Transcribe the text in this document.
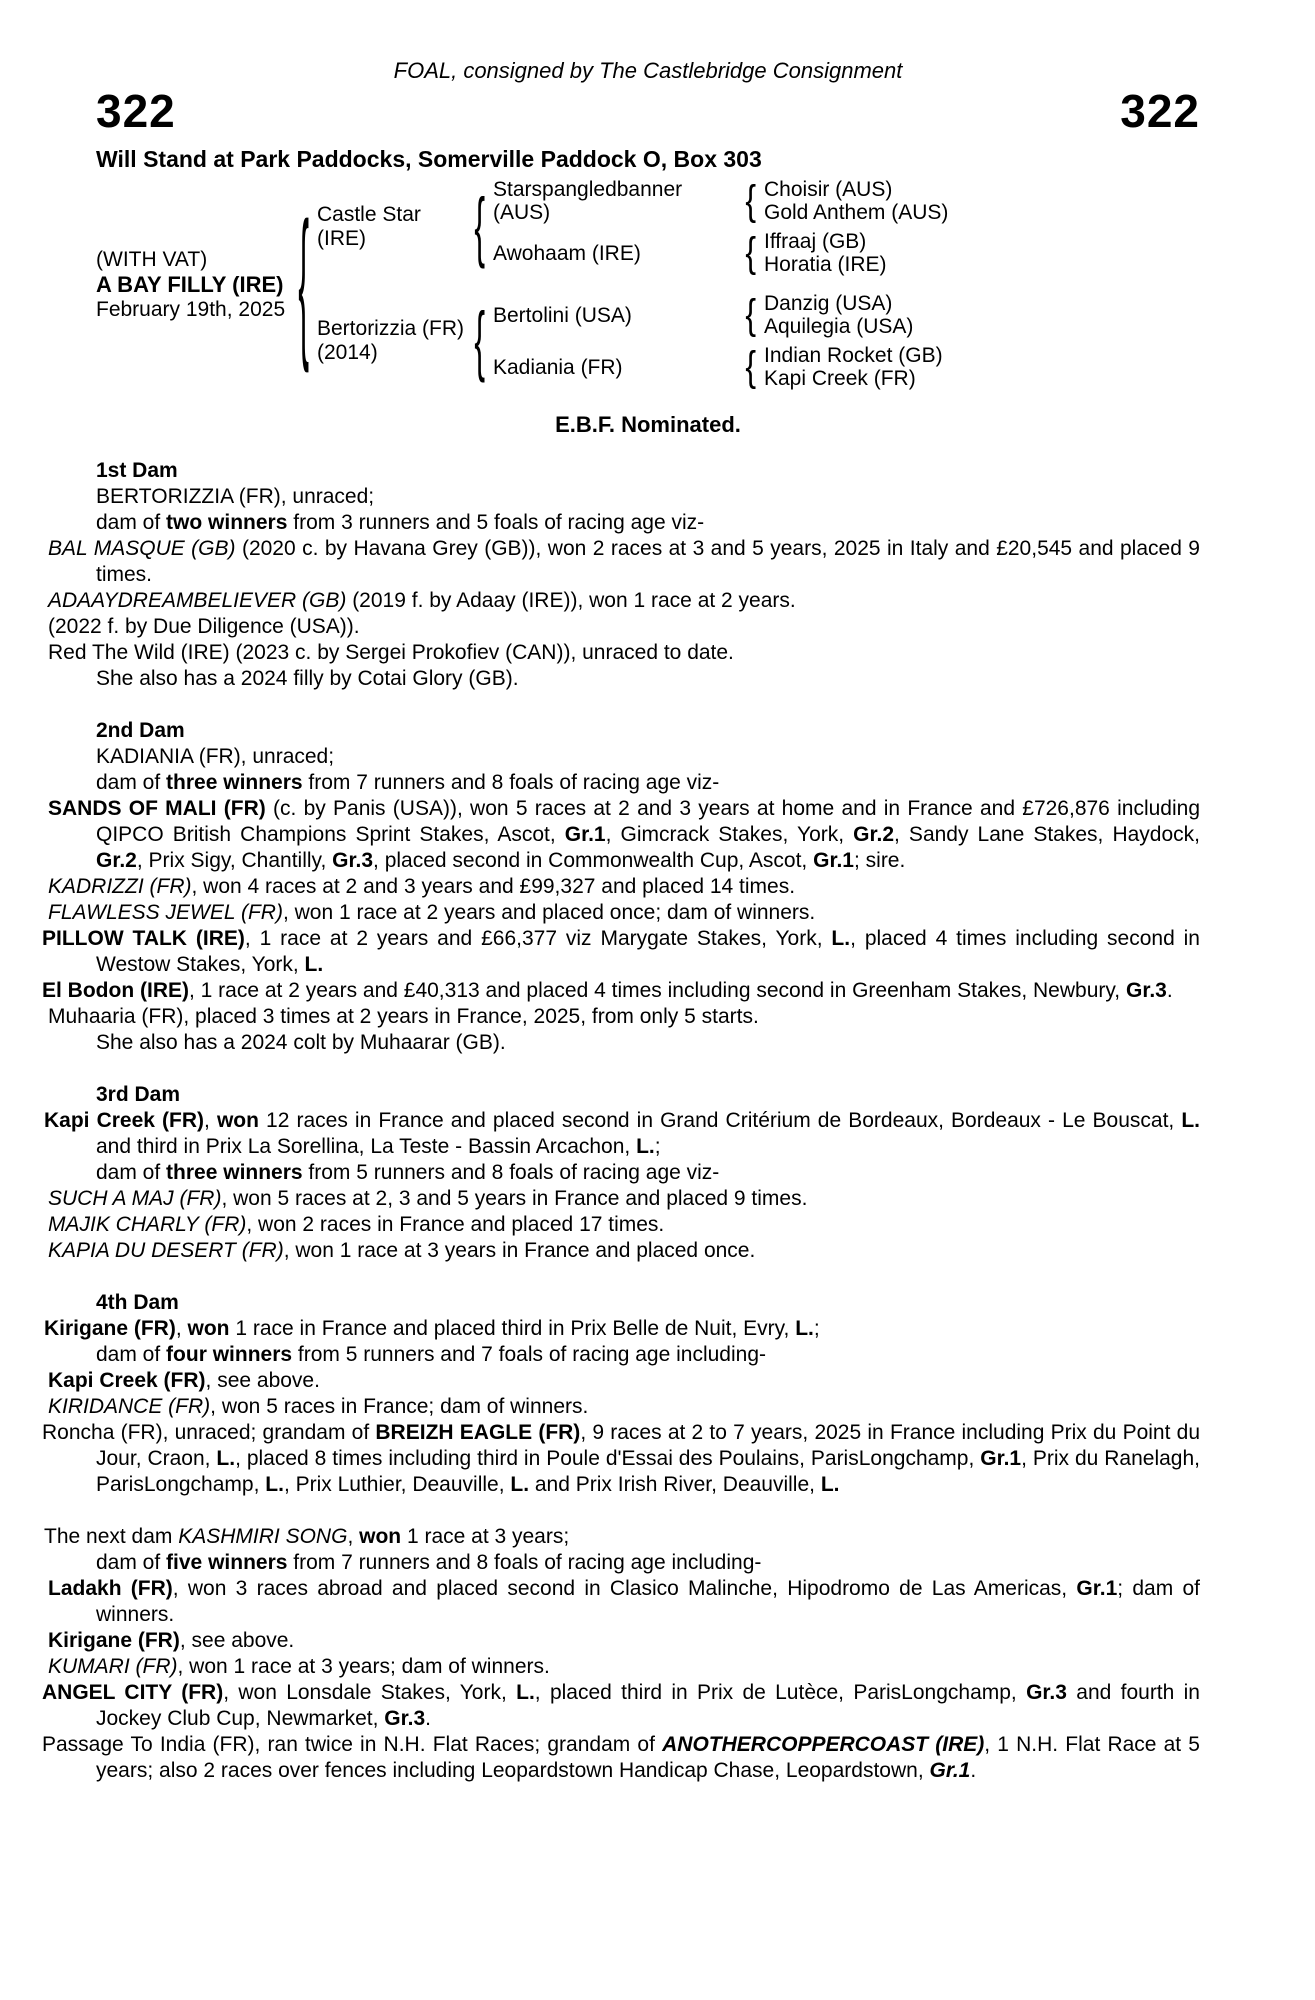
FOAL, consigned by The Castlebridge Consignment
322	322
Will Stand at Park Paddocks, Somerville Paddock O, Box 303
(WITH VAT)
A BAY FILLY (IRE)
February 19th, 2025 { Castle Star (IRE)	{ Starspangledbanner (AUS)	{ Choisir (AUS)
Gold Anthem (AUS)
Awohaam (IRE)	{ Iffraaj (GB)
Horatia (IRE)
Bertorizzia (FR)
(2014)	{ Bertolini (USA)	{ Danzig (USA)
Aquilegia (USA)
Kadiania (FR)	{ Indian Rocket (GB)
Kapi Creek (FR)
E.B.F. Nominated.
1st Dam

BERTORIZZIA (FR), unraced;

dam of two winners from 3 runners and 5 foals of racing age viz-

BAL MASQUE (GB) (2020 c. by Havana Grey (GB)), won 2 races at 3 and 5 years, 2025 in Italy and £20,545 and placed 9 times.

ADAAYDREAMBELIEVER (GB) (2019 f. by Adaay (IRE)), won 1 race at 2 years.

(2022 f. by Due Diligence (USA)).

Red The Wild (IRE) (2023 c. by Sergei Prokofiev (CAN)), unraced to date.

She also has a 2024 filly by Cotai Glory (GB).

2nd Dam

KADIANIA (FR), unraced;

dam of three winners from 7 runners and 8 foals of racing age viz-

SANDS OF MALI (FR) (c. by Panis (USA)), won 5 races at 2 and 3 years at home and in France and £726,876 including QIPCO British Champions Sprint Stakes, Ascot, Gr.1, Gimcrack Stakes, York, Gr.2, Sandy Lane Stakes, Haydock, Gr.2, Prix Sigy, Chantilly, Gr.3, placed second in Commonwealth Cup, Ascot, Gr.1; sire.

KADRIZZI (FR), won 4 races at 2 and 3 years and £99,327 and placed 14 times.

FLAWLESS JEWEL (FR), won 1 race at 2 years and placed once; dam of winners.

PILLOW TALK (IRE), 1 race at 2 years and £66,377 viz Marygate Stakes, York, L., placed 4 times including second in Westow Stakes, York, L.

El Bodon (IRE), 1 race at 2 years and £40,313 and placed 4 times including second in Greenham Stakes, Newbury, Gr.3.

Muhaaria (FR), placed 3 times at 2 years in France, 2025, from only 5 starts.

She also has a 2024 colt by Muhaarar (GB).

3rd Dam

Kapi Creek (FR), won 12 races in France and placed second in Grand Critérium de Bordeaux, Bordeaux - Le Bouscat, L. and third in Prix La Sorellina, La Teste - Bassin Arcachon, L.;

dam of three winners from 5 runners and 8 foals of racing age viz-

SUCH A MAJ (FR), won 5 races at 2, 3 and 5 years in France and placed 9 times.

MAJIK CHARLY (FR), won 2 races in France and placed 17 times.

KAPIA DU DESERT (FR), won 1 race at 3 years in France and placed once.

4th Dam

Kirigane (FR), won 1 race in France and placed third in Prix Belle de Nuit, Evry, L.;

dam of four winners from 5 runners and 7 foals of racing age including-

Kapi Creek (FR), see above.

KIRIDANCE (FR), won 5 races in France; dam of winners.

Roncha (FR), unraced; grandam of BREIZH EAGLE (FR), 9 races at 2 to 7 years, 2025 in France including Prix du Point du Jour, Craon, L., placed 8 times including third in Poule d'Essai des Poulains, ParisLongchamp, Gr.1, Prix du Ranelagh, ParisLongchamp, L., Prix Luthier, Deauville, L. and Prix Irish River, Deauville, L.

The next dam KASHMIRI SONG, won 1 race at 3 years;

dam of five winners from 7 runners and 8 foals of racing age including-

Ladakh (FR), won 3 races abroad and placed second in Clasico Malinche, Hipodromo de Las Americas, Gr.1; dam of winners.

Kirigane (FR), see above.

KUMARI (FR), won 1 race at 3 years; dam of winners.

ANGEL CITY (FR), won Lonsdale Stakes, York, L., placed third in Prix de Lutèce, ParisLongchamp, Gr.3 and fourth in Jockey Club Cup, Newmarket, Gr.3.

Passage To India (FR), ran twice in N.H. Flat Races; grandam of ANOTHERCOPPERCOAST (IRE), 1 N.H. Flat Race at 5 years; also 2 races over fences including Leopardstown Handicap Chase, Leopardstown, Gr.1.
